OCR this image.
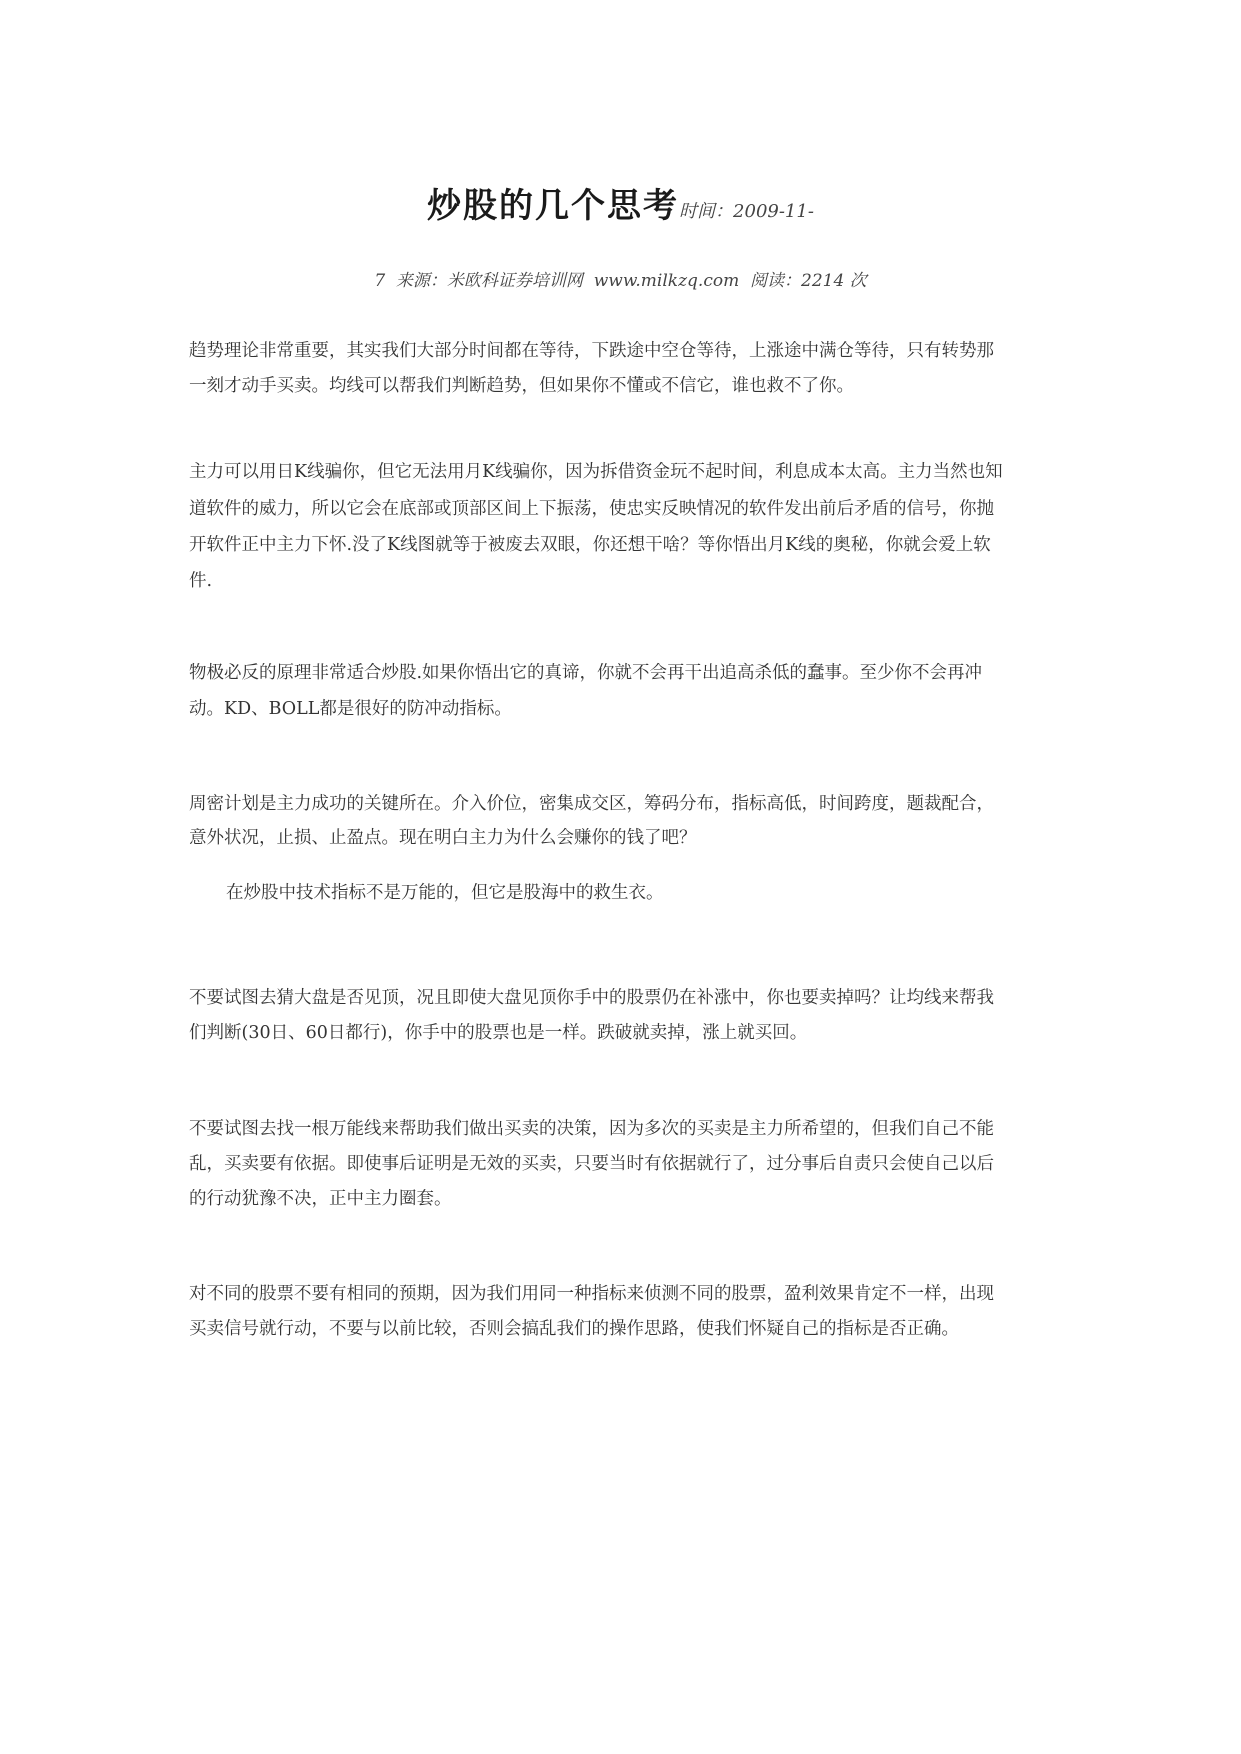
炒股的几个思考时间：2009-11-
7  来源：米欧科证券培训网  www.milkzq.com  阅读：2214 次
趋势理论非常重要，其实我们大部分时间都在等待，下跌途中空仓等待，上涨途中满仓等待，只有转势那
一刻才动手买卖。均线可以帮我们判断趋势，但如果你不懂或不信它，谁也救不了你。
主力可以用日K线骗你，但它无法用月K线骗你，因为拆借资金玩不起时间，利息成本太高。主力当然也知
道软件的威力，所以它会在底部或顶部区间上下振荡，使忠实反映情况的软件发出前后矛盾的信号，你抛
开软件正中主力下怀.没了K线图就等于被废去双眼，你还想干啥？等你悟出月K线的奥秘，你就会爱上软
件.
物极必反的原理非常适合炒股.如果你悟出它的真谛，你就不会再干出追高杀低的蠢事。至少你不会再冲
动。KD、BOLL都是很好的防冲动指标。
周密计划是主力成功的关键所在。介入价位，密集成交区，筹码分布，指标高低，时间跨度，题裁配合，
意外状况，止损、止盈点。现在明白主力为什么会赚你的钱了吧？
在炒股中技术指标不是万能的，但它是股海中的救生衣。
不要试图去猜大盘是否见顶，况且即使大盘见顶你手中的股票仍在补涨中，你也要卖掉吗？让均线来帮我
们判断(30日、60日都行)，你手中的股票也是一样。跌破就卖掉，涨上就买回。
不要试图去找一根万能线来帮助我们做出买卖的决策，因为多次的买卖是主力所希望的，但我们自己不能
乱，买卖要有依据。即使事后证明是无效的买卖，只要当时有依据就行了，过分事后自责只会使自己以后
的行动犹豫不决，正中主力圈套。
对不同的股票不要有相同的预期，因为我们用同一种指标来侦测不同的股票，盈利效果肯定不一样，出现
买卖信号就行动，不要与以前比较，否则会搞乱我们的操作思路，使我们怀疑自己的指标是否正确。
